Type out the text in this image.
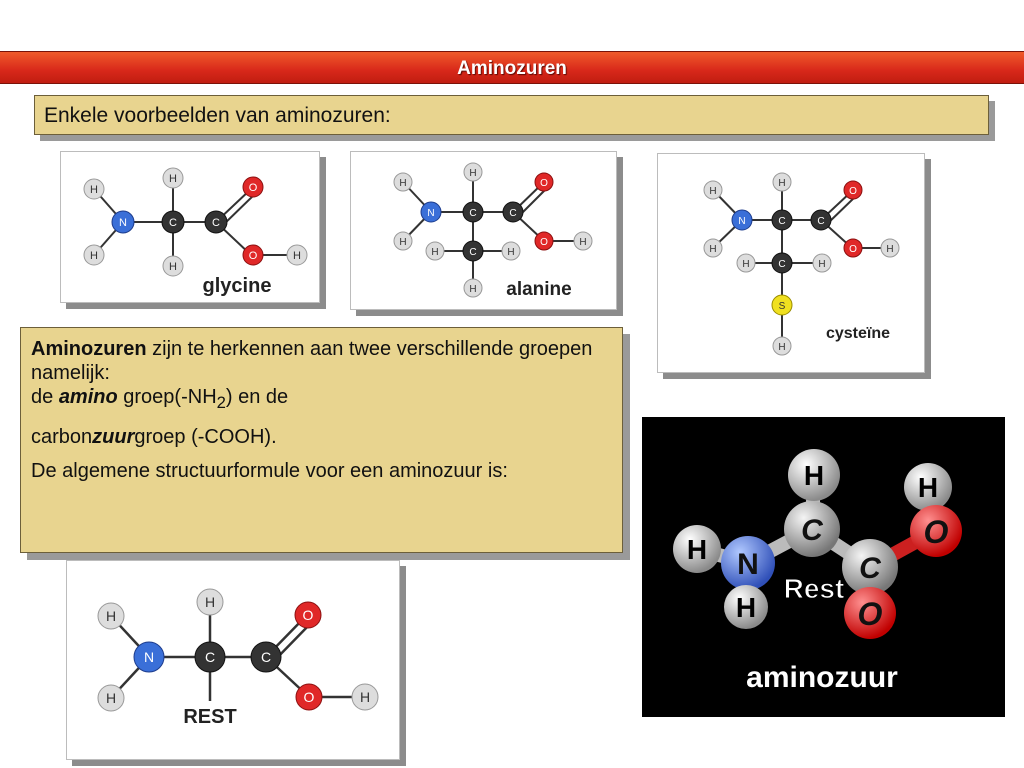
Aminozuren
Enkele voorbeelden van aminozuren:
H
H
N
H
C
H
C
O
O	H
glycine
H
H
N
H
C
H	C	H
H
C
O
O	H
alanine
H
H
N
H
C
H	C	H
S
H
C
O
O	H
cysteïne
H
H
N
H
C	C
O
O	H
REST

Aminozuren zijn te herkennen aan twee verschillende groepen namelijk:
de amino $groep(-NH_2)$ en de

carbonzuurgroep (-COOH).

De algemene structuurformule voor een aminozuur is:

H N
H
H
C
C
H
O
O
Rest
aminozuur
